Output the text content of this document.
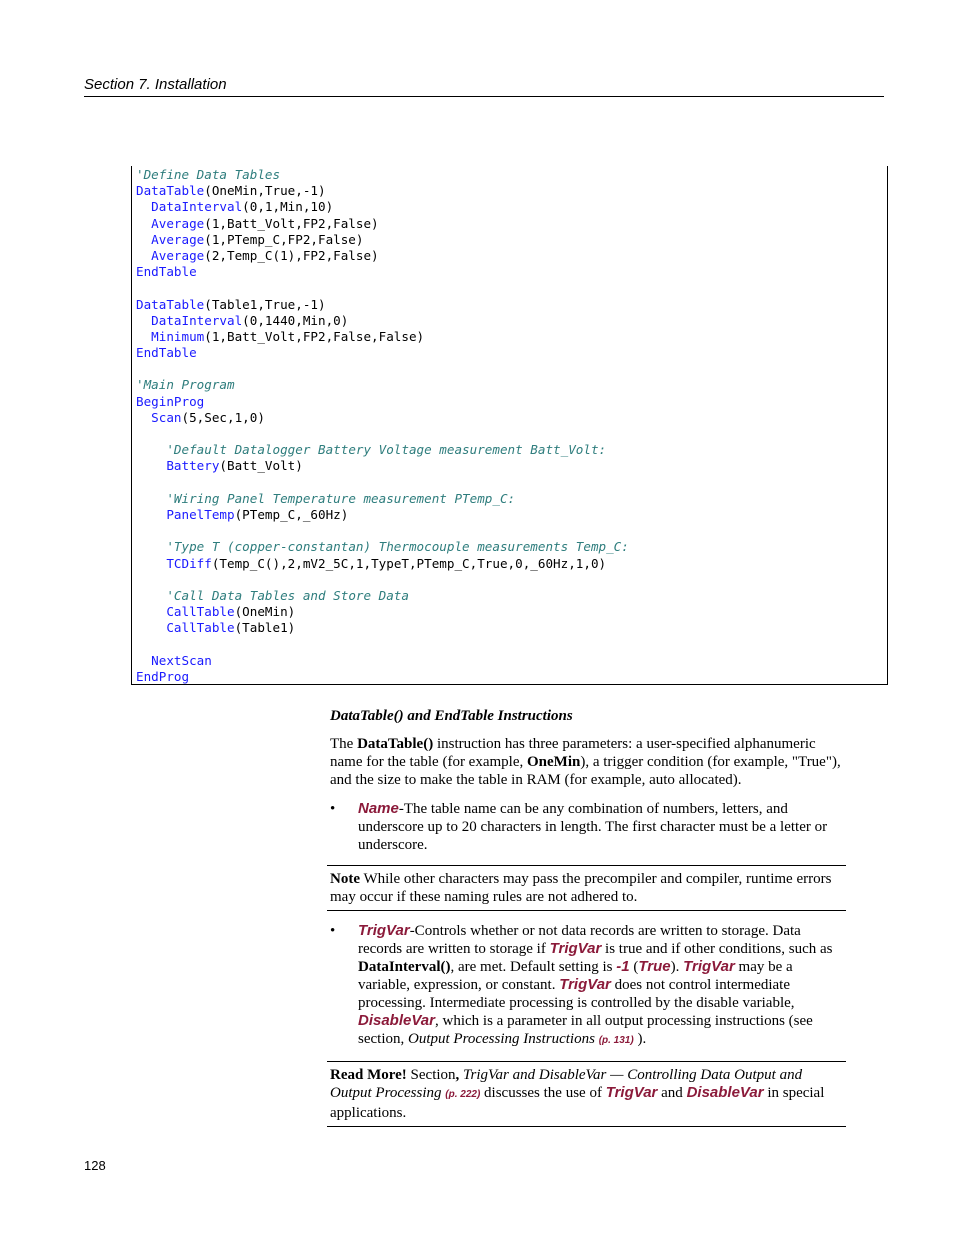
Section 7. Installation
'Define Data Tables
DataTable(OneMin,True,-1)
DataInterval(0,1,Min,10)
Average(1,Batt_Volt,FP2,False)
Average(1,PTemp_C,FP2,False)
Average(2,Temp_C(1),FP2,False)
EndTable
DataTable(Table1,True,-1)
DataInterval(0,1440,Min,0)
Minimum(1,Batt_Volt,FP2,False,False)
EndTable
'Main Program
BeginProg
Scan(5,Sec,1,0)
'Default Datalogger Battery Voltage measurement Batt_Volt:
Battery(Batt_Volt)
'Wiring Panel Temperature measurement PTemp_C:
PanelTemp(PTemp_C,_60Hz)
'Type T (copper-constantan) Thermocouple measurements Temp_C:
TCDiff(Temp_C(),2,mV2_5C,1,TypeT,PTemp_C,True,0,_60Hz,1,0)
'Call Data Tables and Store Data
CallTable(OneMin)
CallTable(Table1)
NextScan
EndProg

DataTable() and EndTable Instructions

The DataTable() instruction has three parameters: a user-specified alphanumeric name for the table (for example, OneMin), a trigger condition (for example, "True"), and the size to make the table in RAM (for example, auto allocated).

• Name-The table name can be any combination of numbers, letters, and underscore up to 20 characters in length. The first character must be a letter or underscore.
Note While other characters may pass the precompiler and compiler, runtime errors may occur if these naming rules are not adhered to.
• TrigVar-Controls whether or not data records are written to storage. Data records are written to storage if TrigVar is true and if other conditions, such as DataInterval(), are met. Default setting is -1 (True). TrigVar may be a variable, expression, or constant. TrigVar does not control intermediate processing. Intermediate processing is controlled by the disable variable, DisableVar, which is a parameter in all output processing instructions (see section, Output Processing Instructions (p. 131) ).
Read More! Section, TrigVar and DisableVar — Controlling Data Output and Output Processing (p. 222) discusses the use of TrigVar and DisableVar in special applications.
128
